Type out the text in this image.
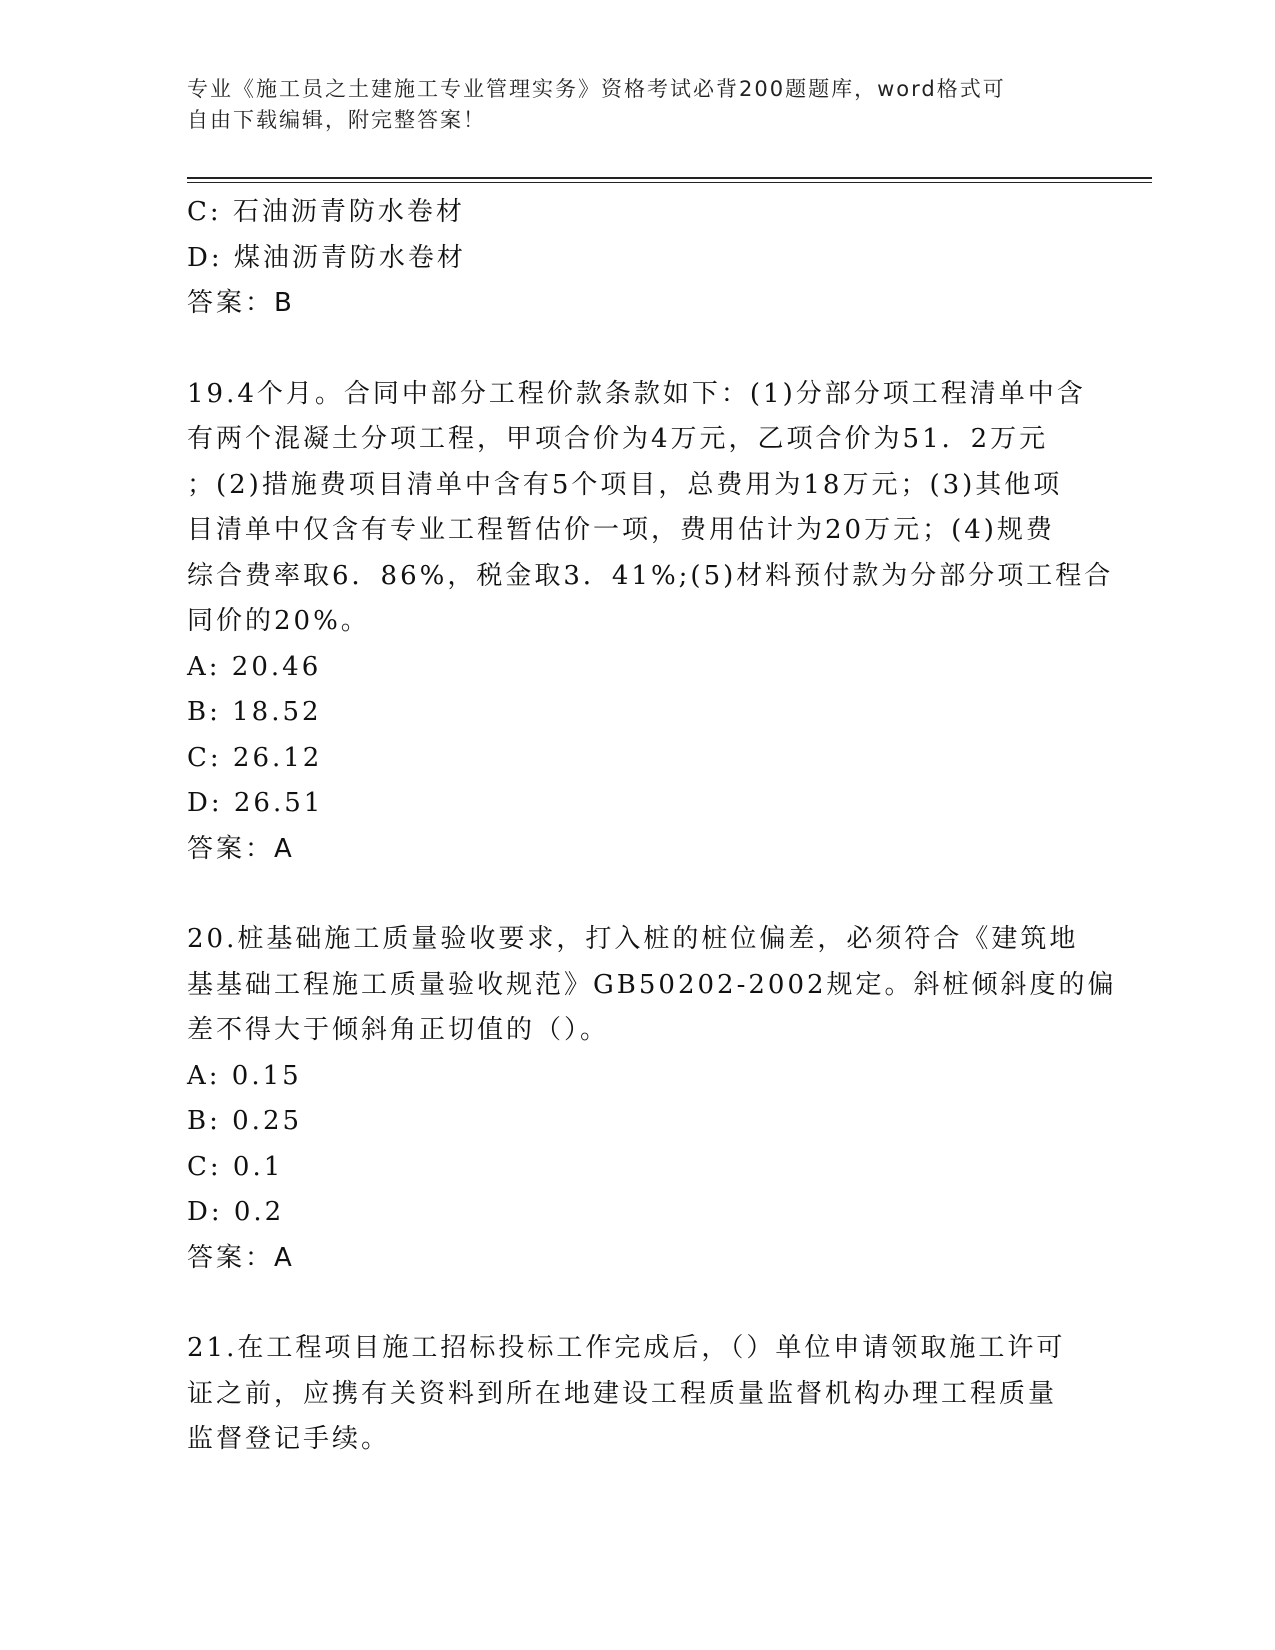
专业《施工员之土建施工专业管理实务》资格考试必背200题题库，word格式可

自由下载编辑，附完整答案！

C: 石油沥青防水卷材

D: 煤油沥青防水卷材

答案：B

19.4个月。合同中部分工程价款条款如下：(1)分部分项工程清单中含

有两个混凝土分项工程，甲项合价为4万元，乙项合价为51．2万元

；(2)措施费项目清单中含有5个项目，总费用为18万元；(3)其他项

目清单中仅含有专业工程暂估价一项，费用估计为20万元；(4)规费

综合费率取6．86%，税金取3．41%;(5)材料预付款为分部分项工程合

同价的20%。

A: 20.46

B: 18.52

C: 26.12

D: 26.51

答案：A

20.桩基础施工质量验收要求，打入桩的桩位偏差，必须符合《建筑地

基基础工程施工质量验收规范》GB50202-2002规定。斜桩倾斜度的偏

差不得大于倾斜角正切值的（）。

A: 0.15

B: 0.25

C: 0.1

D: 0.2

答案：A

21.在工程项目施工招标投标工作完成后，（）单位申请领取施工许可

证之前，应携有关资料到所在地建设工程质量监督机构办理工程质量

监督登记手续。
